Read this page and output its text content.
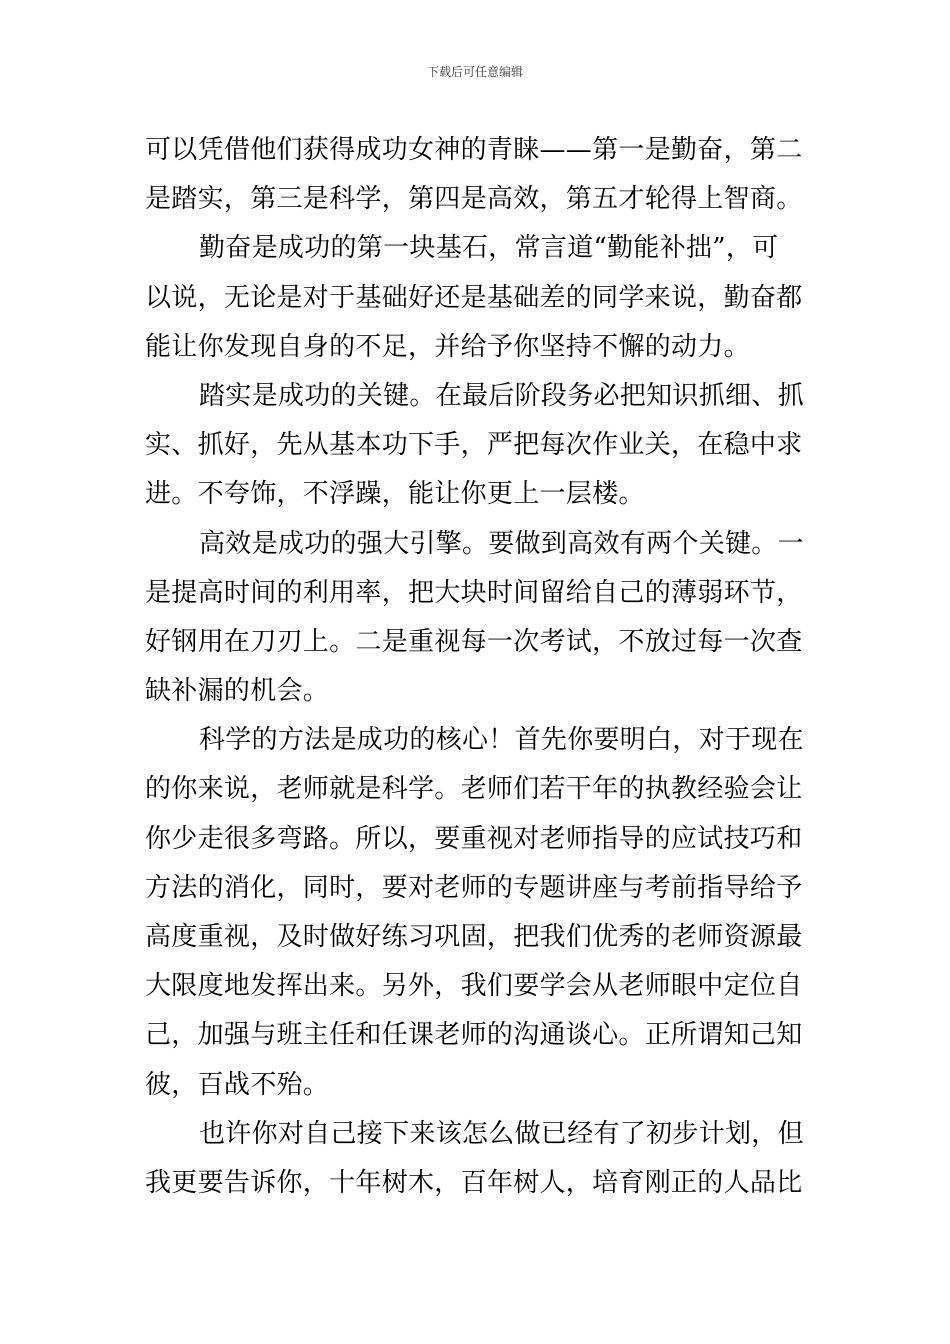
下载后可任意编辑
可以凭借他们获得成功女神的青睐——第一是勤奋，第二
是踏实，第三是科学，第四是高效，第五才轮得上智商。
勤奋是成功的第一块基石，常言道“勤能补拙”，可
以说，无论是对于基础好还是基础差的同学来说，勤奋都
能让你发现自身的不足，并给予你坚持不懈的动力。
踏实是成功的关键。在最后阶段务必把知识抓细、抓
实、抓好，先从基本功下手，严把每次作业关，在稳中求
进。不夸饰，不浮躁，能让你更上一层楼。
高效是成功的强大引擎。要做到高效有两个关键。一
是提高时间的利用率，把大块时间留给自己的薄弱环节，
好钢用在刀刃上。二是重视每一次考试，不放过每一次查
缺补漏的机会。
科学的方法是成功的核心！首先你要明白，对于现在
的你来说，老师就是科学。老师们若干年的执教经验会让
你少走很多弯路。所以，要重视对老师指导的应试技巧和
方法的消化，同时，要对老师的专题讲座与考前指导给予
高度重视，及时做好练习巩固，把我们优秀的老师资源最
大限度地发挥出来。另外，我们要学会从老师眼中定位自
己，加强与班主任和任课老师的沟通谈心。正所谓知己知
彼，百战不殆。
也许你对自己接下来该怎么做已经有了初步计划，但
我更要告诉你，十年树木，百年树人，培育刚正的人品比
